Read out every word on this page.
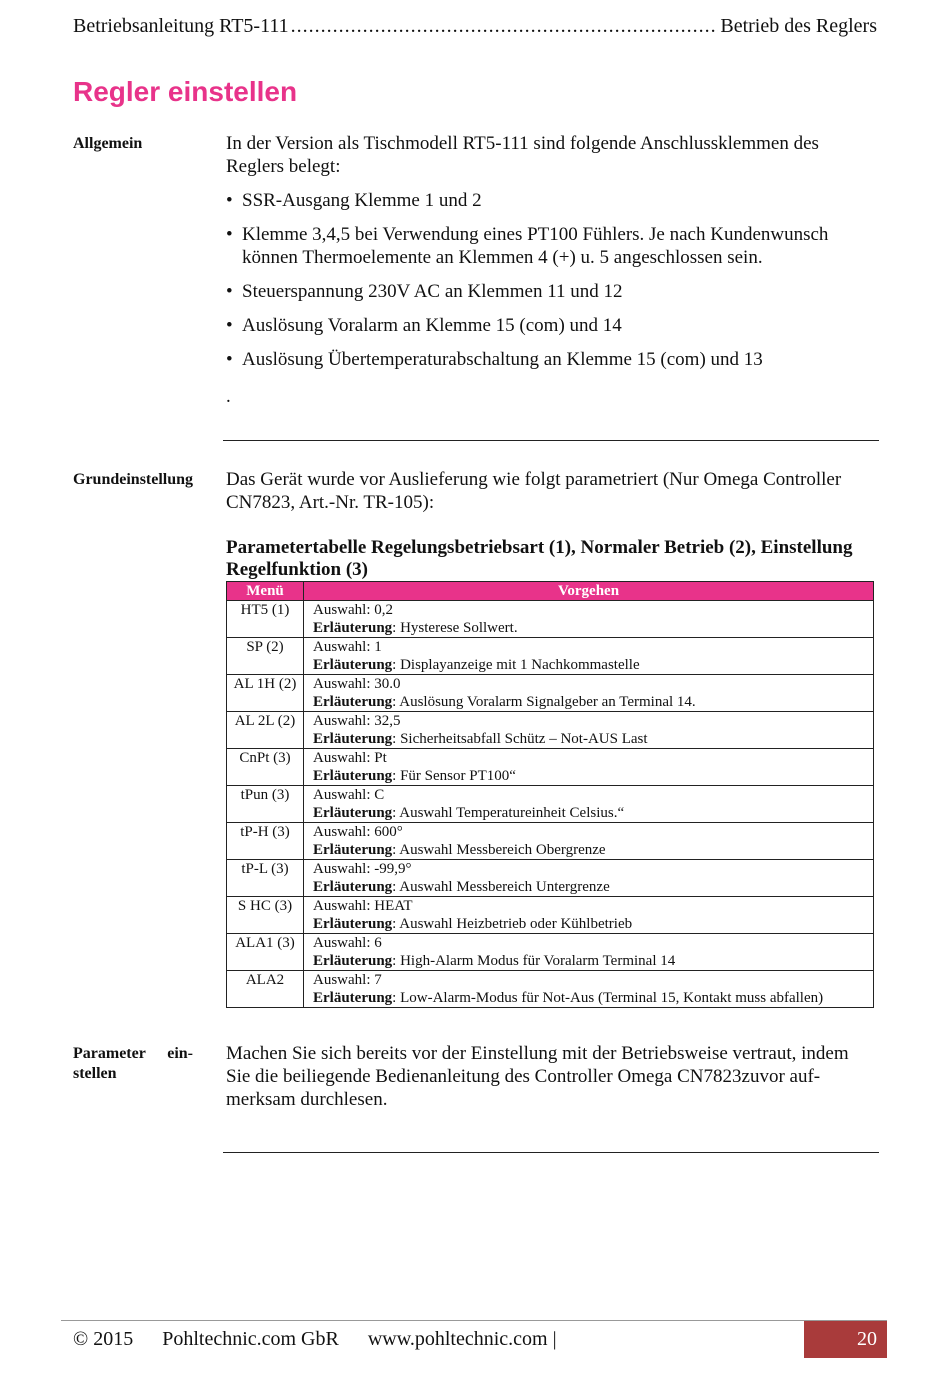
Betriebsanleitung RT5-111 .....	Betrieb des Reglers
Regler einstellen
Allgemein	In der Version als Tischmodell RT5-111 sind folgende Anschlussklemmen des Reglers belegt:

• SSR-Ausgang Klemme 1 und 2
• Klemme 3,4,5 bei Verwendung eines PT100 Fühlers. Je nach Kundenwunsch können Thermoelemente an Klemmen 4 (+) u. 5 angeschlossen sein.
• Steuerspannung 230V AC an Klemmen 11 und 12
• Auslösung Voralarm an Klemme 15 (com) und 14
• Auslösung Übertemperaturabschaltung an Klemme 15 (com) und 13

.

Grundeinstellung	Das Gerät wurde vor Auslieferung wie folgt parametriert (Nur Omega Controller CN7823, Art.-Nr. TR-105):

Parametertabelle Regelungsbetriebsart (1), Normaler Betrieb (2), Einstellung Regelfunktion (3)
Menü	Vorgehen
HT5 (1)	Auswahl: 0,2
Erläuterung: Hysterese Sollwert.

SP (2)	Auswahl: 1
Erläuterung: Displayanzeige mit 1 Nachkommastelle

AL 1H (2)	Auswahl: 30.0
Erläuterung: Auslösung Voralarm Signalgeber an Terminal 14.

AL 2L (2)	Auswahl: 32,5
Erläuterung: Sicherheitsabfall Schütz – Not-AUS Last

CnPt (3)	Auswahl: Pt
Erläuterung: Für Sensor PT100“

tPun (3)	Auswahl: C
Erläuterung: Auswahl Temperatureinheit Celsius.“

tP-H (3)	Auswahl: 600°
Erläuterung: Auswahl Messbereich Obergrenze

tP-L (3)	Auswahl: -99,9°
Erläuterung: Auswahl Messbereich Untergrenze

S HC (3)	Auswahl: HEAT
Erläuterung: Auswahl Heizbetrieb oder Kühlbetrieb

ALA1 (3)	Auswahl: 6
Erläuterung: High-Alarm Modus für Voralarm Terminal 14

ALA2	Auswahl: 7
Erläuterung: Low-Alarm-Modus für Not-Aus (Terminal 15, Kontakt muss abfallen)
Parameter ein-stellen

Machen Sie sich bereits vor der Einstellung mit der Betriebsweise vertraut, indem Sie die beiliegende Bedienanleitung des Controller Omega CN7823zuvor auf-merksam durchlesen.

© 2015 Pohltechnic.com GbR www.pohltechnic.com |	20
